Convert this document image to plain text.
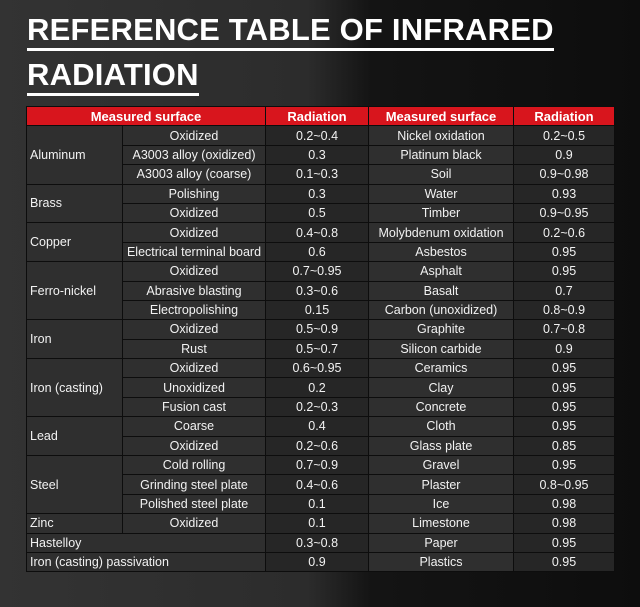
REFERENCE TABLE OF INFRARED
RADIATION
Measured surface		Radiation	Measured surface	Radiation
Aluminum	Oxidized	0.2~0.4	Nickel oxidation	0.2~0.5
	A3003 alloy (oxidized)	0.3	Platinum black	0.9
	A3003 alloy (coarse)	0.1~0.3	Soil	0.9~0.98
Brass	Polishing	0.3	Water	0.93
	Oxidized	0.5	Timber	0.9~0.95
Copper	Oxidized	0.4~0.8	Molybdenum oxidation	0.2~0.6
	Electrical terminal board	0.6	Asbestos	0.95
Ferro-nickel	Oxidized	0.7~0.95	Asphalt	0.95
	Abrasive blasting	0.3~0.6	Basalt	0.7
	Electropolishing	0.15	Carbon (unoxidized)	0.8~0.9
Iron	Oxidized	0.5~0.9	Graphite	0.7~0.8
	Rust	0.5~0.7	Silicon carbide	0.9
Iron (casting)	Oxidized	0.6~0.95	Ceramics	0.95
	Unoxidized	0.2	Clay	0.95
	Fusion cast	0.2~0.3	Concrete	0.95
Lead	Coarse	0.4	Cloth	0.95
	Oxidized	0.2~0.6	Glass plate	0.85
Steel	Cold rolling	0.7~0.9	Gravel	0.95
	Grinding steel plate	0.4~0.6	Plaster	0.8~0.95
	Polished steel plate	0.1	Ice	0.98
Zinc	Oxidized	0.1	Limestone	0.98
Hastelloy		0.3~0.8	Paper	0.95
Iron (casting) passivation		0.9	Plastics	0.95
